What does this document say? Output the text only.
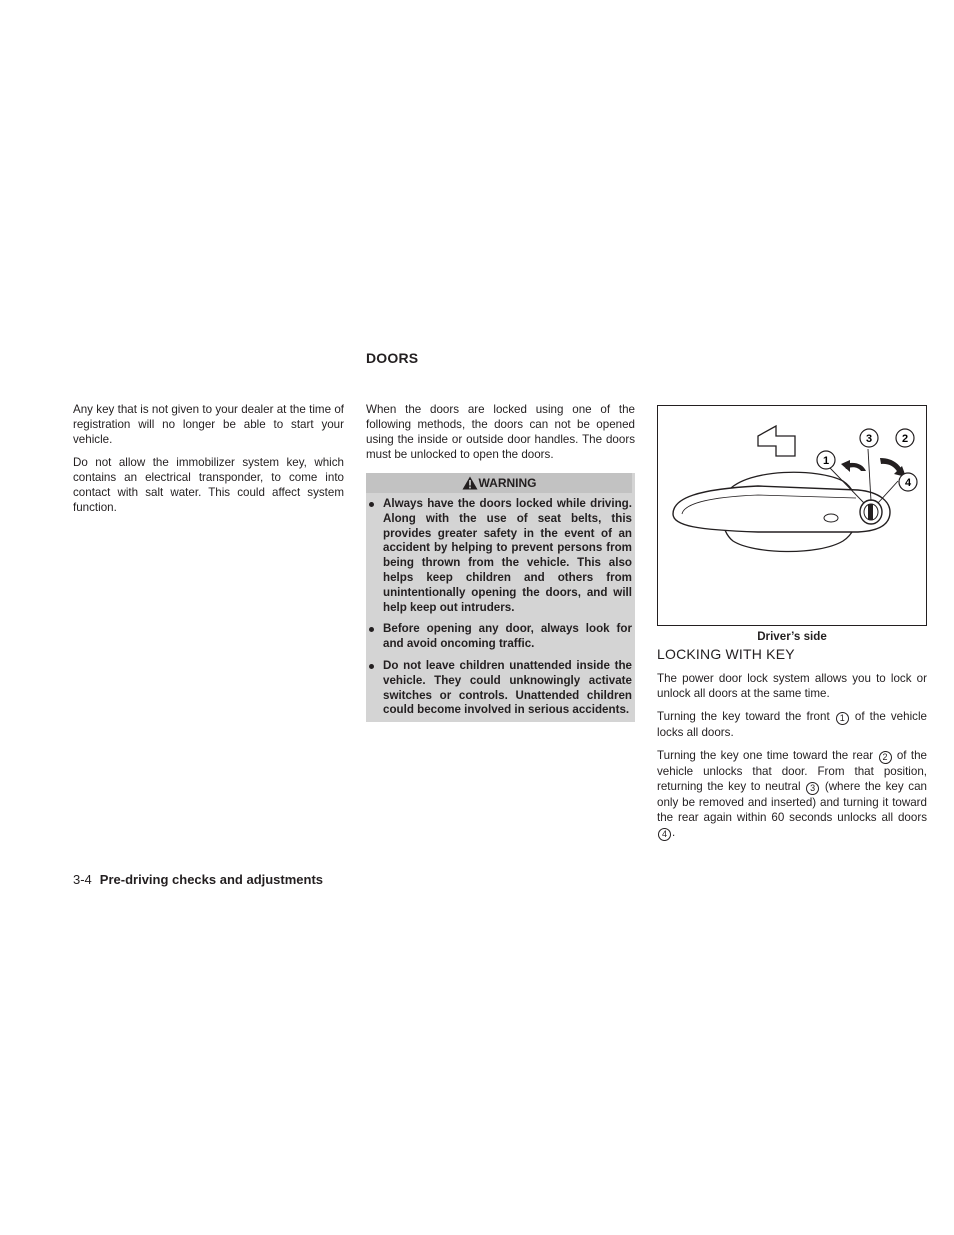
Any key that is not given to your dealer at the time of registration will no longer be able to start your vehicle.

Do not allow the immobilizer system key, which contains an electrical transponder, to come into contact with salt water. This could affect system function.

DOORS

When the doors are locked using one of the following methods, the doors can not be opened using the inside or outside door handles. The doors must be unlocked to open the doors.

WARNING
Always have the doors locked while driving. Along with the use of seat belts, this provides greater safety in the event of an accident by helping to prevent persons from being thrown from the vehicle. This also helps keep children and others from unintentionally opening the doors, and will help keep out intruders.
Before opening any door, always look for and avoid oncoming traffic.
Do not leave children unattended inside the vehicle. They could unknowingly activate switches or controls. Unattended children could become involved in serious accidents.
1
2
3
4
Driver’s side
LOCKING WITH KEY

The power door lock system allows you to lock or unlock all doors at the same time.

Turning the key toward the front 1 of the vehicle locks all doors.

Turning the key one time toward the rear 2 of the vehicle unlocks that door. From that position, returning the key to neutral 3 (where the key can only be removed and inserted) and turning it toward the rear again within 60 seconds unlocks all doors 4 .

3-4 Pre-driving checks and adjustments
